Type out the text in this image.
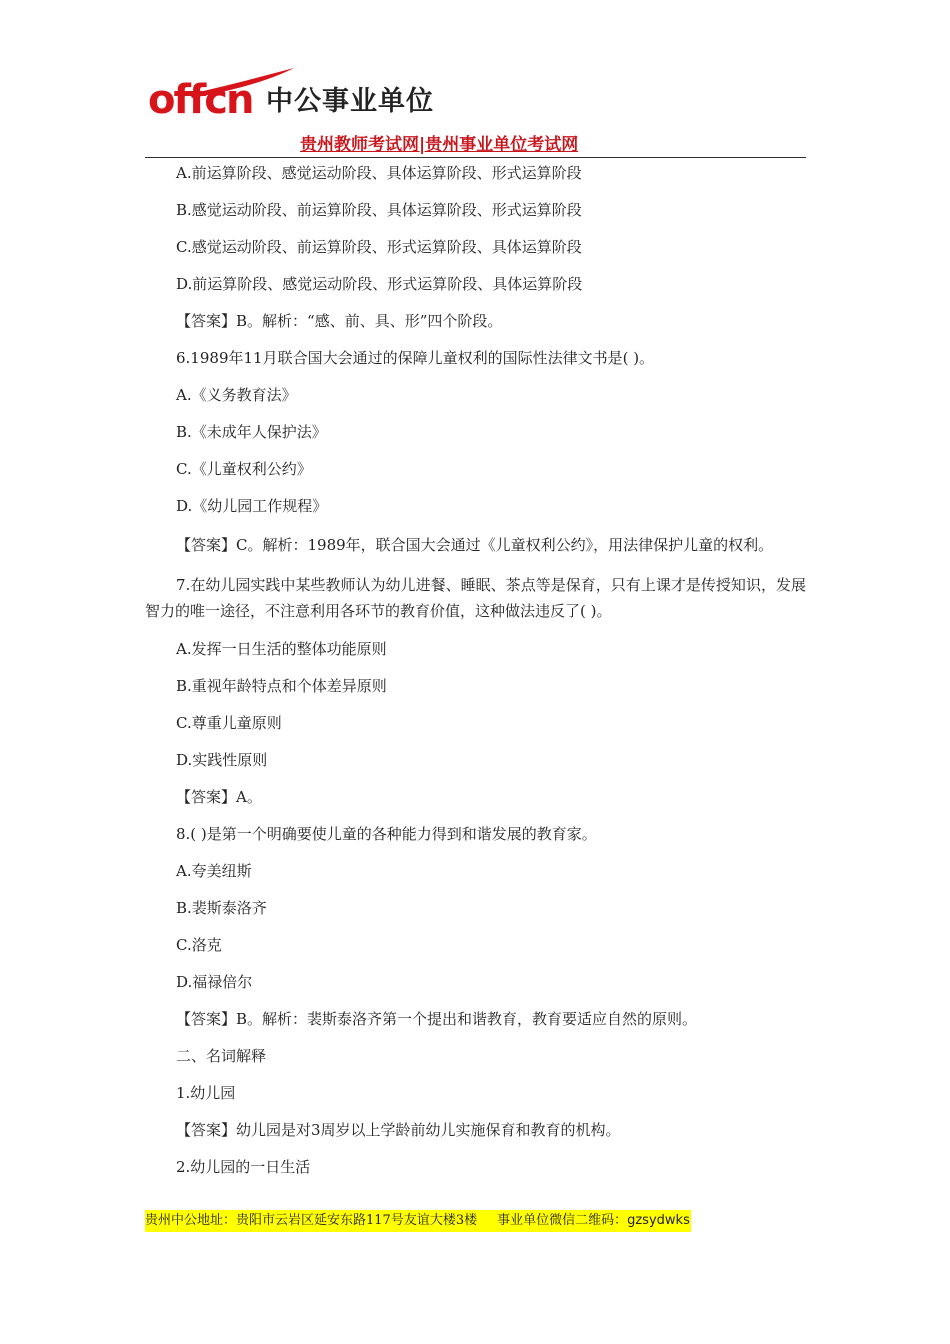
offcn 中公事业单位
贵州教师考试网|贵州事业单位考试网

A.前运算阶段、感觉运动阶段、具体运算阶段、形式运算阶段

B.感觉运动阶段、前运算阶段、具体运算阶段、形式运算阶段

C.感觉运动阶段、前运算阶段、形式运算阶段、具体运算阶段

D.前运算阶段、感觉运动阶段、形式运算阶段、具体运算阶段

【答案】B。解析：“感、前、具、形”四个阶段。

6.1989年11月联合国大会通过的保障儿童权利的国际性法律文书是( )。

A.《义务教育法》

B.《未成年人保护法》

C.《儿童权利公约》

D.《幼儿园工作规程》

【答案】C。解析：1989年，联合国大会通过《儿童权利公约》，用法律保护儿童的权利。

7.在幼儿园实践中某些教师认为幼儿进餐、睡眠、茶点等是保育，只有上课才是传授知识，发展智力的唯一途径，不注意利用各环节的教育价值，这种做法违反了( )。

A.发挥一日生活的整体功能原则

B.重视年龄特点和个体差异原则

C.尊重儿童原则

D.实践性原则

【答案】A。

8.( )是第一个明确要使儿童的各种能力得到和谐发展的教育家。

A.夸美纽斯

B.裴斯泰洛齐

C.洛克

D.福禄倍尔

【答案】B。解析：裴斯泰洛齐第一个提出和谐教育，教育要适应自然的原则。

二、名词解释

1.幼儿园

【答案】幼儿园是对3周岁以上学龄前幼儿实施保育和教育的机构。

2.幼儿园的一日生活

贵州中公地址：贵阳市云岩区延安东路117号友谊大楼3楼 事业单位微信二维码：gzsydwks
